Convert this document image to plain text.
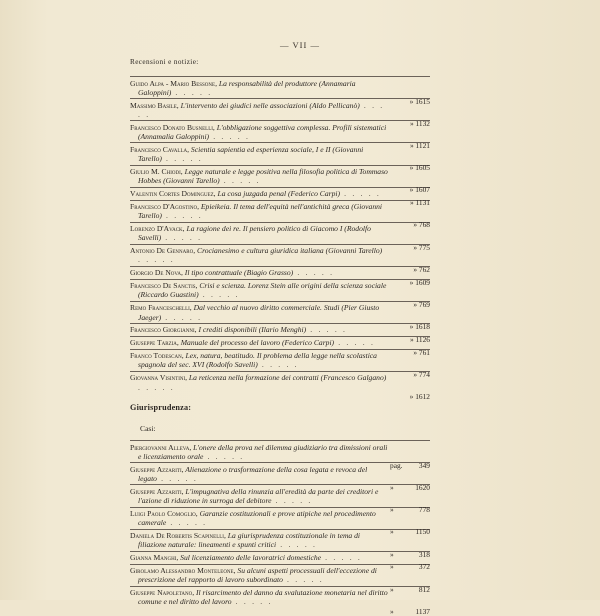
— VII —
Recensioni e notizie:
Guido Alpa - Mario Bessone, La responsabilità del produttore (Annamaria Galoppini) . . . . .
» 1615
Massimo Basile, L'intervento dei giudici nelle associazioni (Aldo Pellicanò) . . . . .
» 1132
Francesco Donato Busnelli, L'obbligazione soggettiva complessa. Profili sistematici (Annamalia Galoppini) . . . . .
» 1121
Francesco Cavalla, Scientia sapientia ed esperienza sociale, I e II (Giovanni Tarello) . . . . .
» 1605
Giulio M. Chiodi, Legge naturale e legge positiva nella filosofia politica di Tommaso Hobbes (Giovanni Tarello) . . . . .
» 1607
Valentin Cortes Dominguez, La cosa juzgada penal (Federico Carpi) . . . . .
» 1131
Francesco D'Agostino, Epieikeia. Il tema dell'equità nell'antichità greca (Giovanni Tarello) . . . . .
» 768
Lorenzo D'Avack, La ragione dei re. Il pensiero politico di Giacomo I (Rodolfo Savelli) . . . . .
» 775
Antonio De Gennaro, Crocianesimo e cultura giuridica italiana (Giovanni Tarello) . . . . .
» 762
Giorgio De Nova, Il tipo contrattuale (Biagio Grasso) . . . . .
» 1609
Francesco De Sanctis, Crisi e scienza. Lorenz Stein alle origini della scienza sociale (Riccardo Guastini) . . . . .
» 769
Remo Franceschelli, Dal vecchio al nuovo diritto commerciale. Studi (Pier Giusto Jaeger) . . . . .
» 1618
Francesco Giorgianni, I crediti disponibili (Ilario Menghi) . . . . .
» 1126
Giuseppe Tarzia, Manuale del processo del lavoro (Federico Carpi) . . . . .
» 761
Franco Todescan, Lex, natura, beatitudo. Il problema della legge nella scolastica spagnola del sec. XVI (Rodolfo Savelli) . . . . .
» 774
Giovanna Visintini, La reticenza nella formazione dei contratti (Francesco Galgano) . . . . .
» 1612
Giurisprudenza:
Casi:
Piergiovanni Alleva, L'onere della prova nel dilemma giudiziario tra dimissioni orali e licenziamento orale . . . . .
pag. 349
Giuseppe Azzariti, Alienazione o trasformazione della cosa legata e revoca del legato . . . . .
»	1620
Giuseppe Azzariti, L'impugnativa della rinunzia all'eredità da parte dei creditori e l'azione di riduzione in surroga del debitore . . . . .
»	778
Luigi Paolo Comoglio, Garanzie costituzionali e prove atipiche nel procedimento camerale . . . . .
»	1150
Daniela De Robertis Scapinelli, La giurisprudenza costituzionale in tema di filiazione naturale: lineamenti e spunti critici . . . . .
»	318
Gianna Manghi, Sul licenziamento delle lavoratrici domestiche . . . . .
»	372
Girolamo Alessandro Monteleone, Su alcuni aspetti processuali dell'eccezione di prescrizione del rapporto di lavoro subordinato . . . . .
»	812
Giuseppe Napoletano, Il risarcimento del danno da svalutazione monetaria nel diritto comune e nel diritto del lavoro . . . . .
»	1137
